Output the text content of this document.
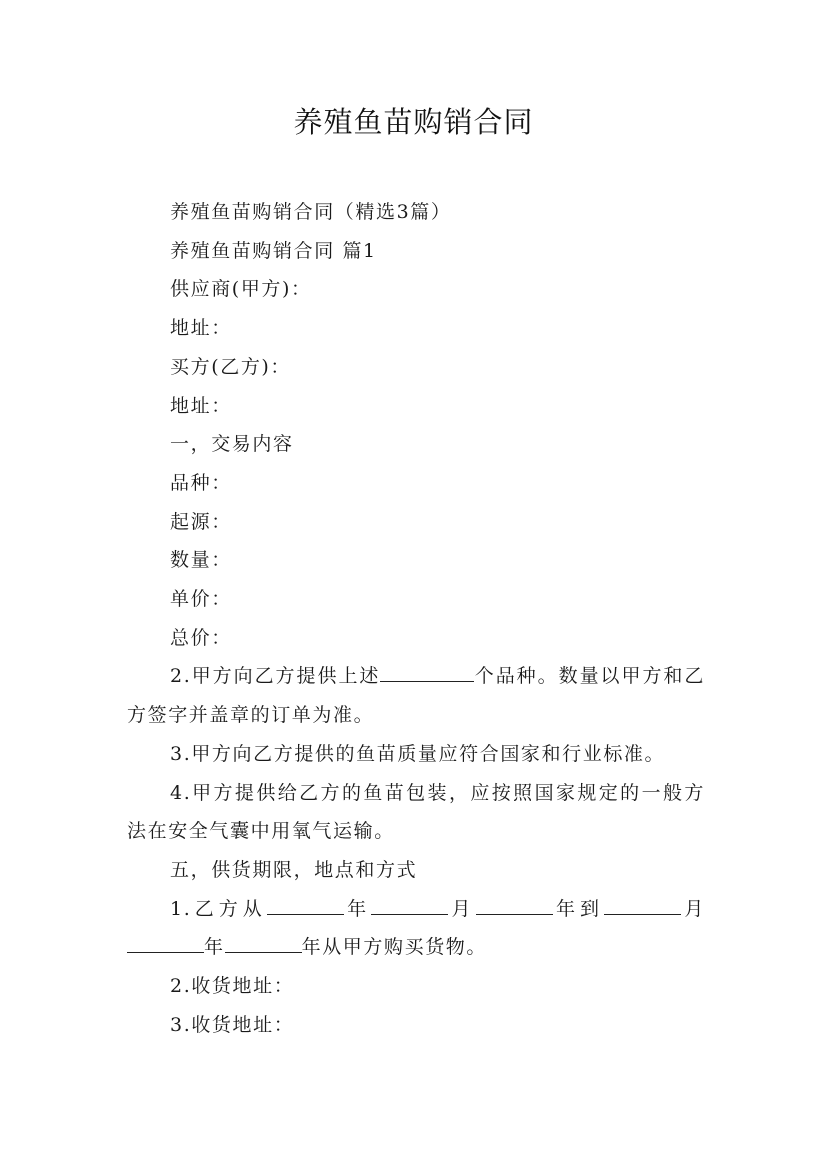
养殖鱼苗购销合同

养殖鱼苗购销合同（精选3篇）

养殖鱼苗购销合同 篇1

供应商(甲方)：

地址：

买方(乙方)：

地址：

一，交易内容

品种：

起源：

数量：

单价：

总价：

2.甲方向乙方提供上述	个品种。数量以甲方和乙方签字并盖章的订单为准。

3.甲方向乙方提供的鱼苗质量应符合国家和行业标准。

4.甲方提供给乙方的鱼苗包装，应按照国家规定的一般方法在安全气囊中用氧气运输。

五，供货期限，地点和方式

1.乙方从	年	月	年到	月年	年从甲方购买货物。

2.收货地址：

3.收货地址：
